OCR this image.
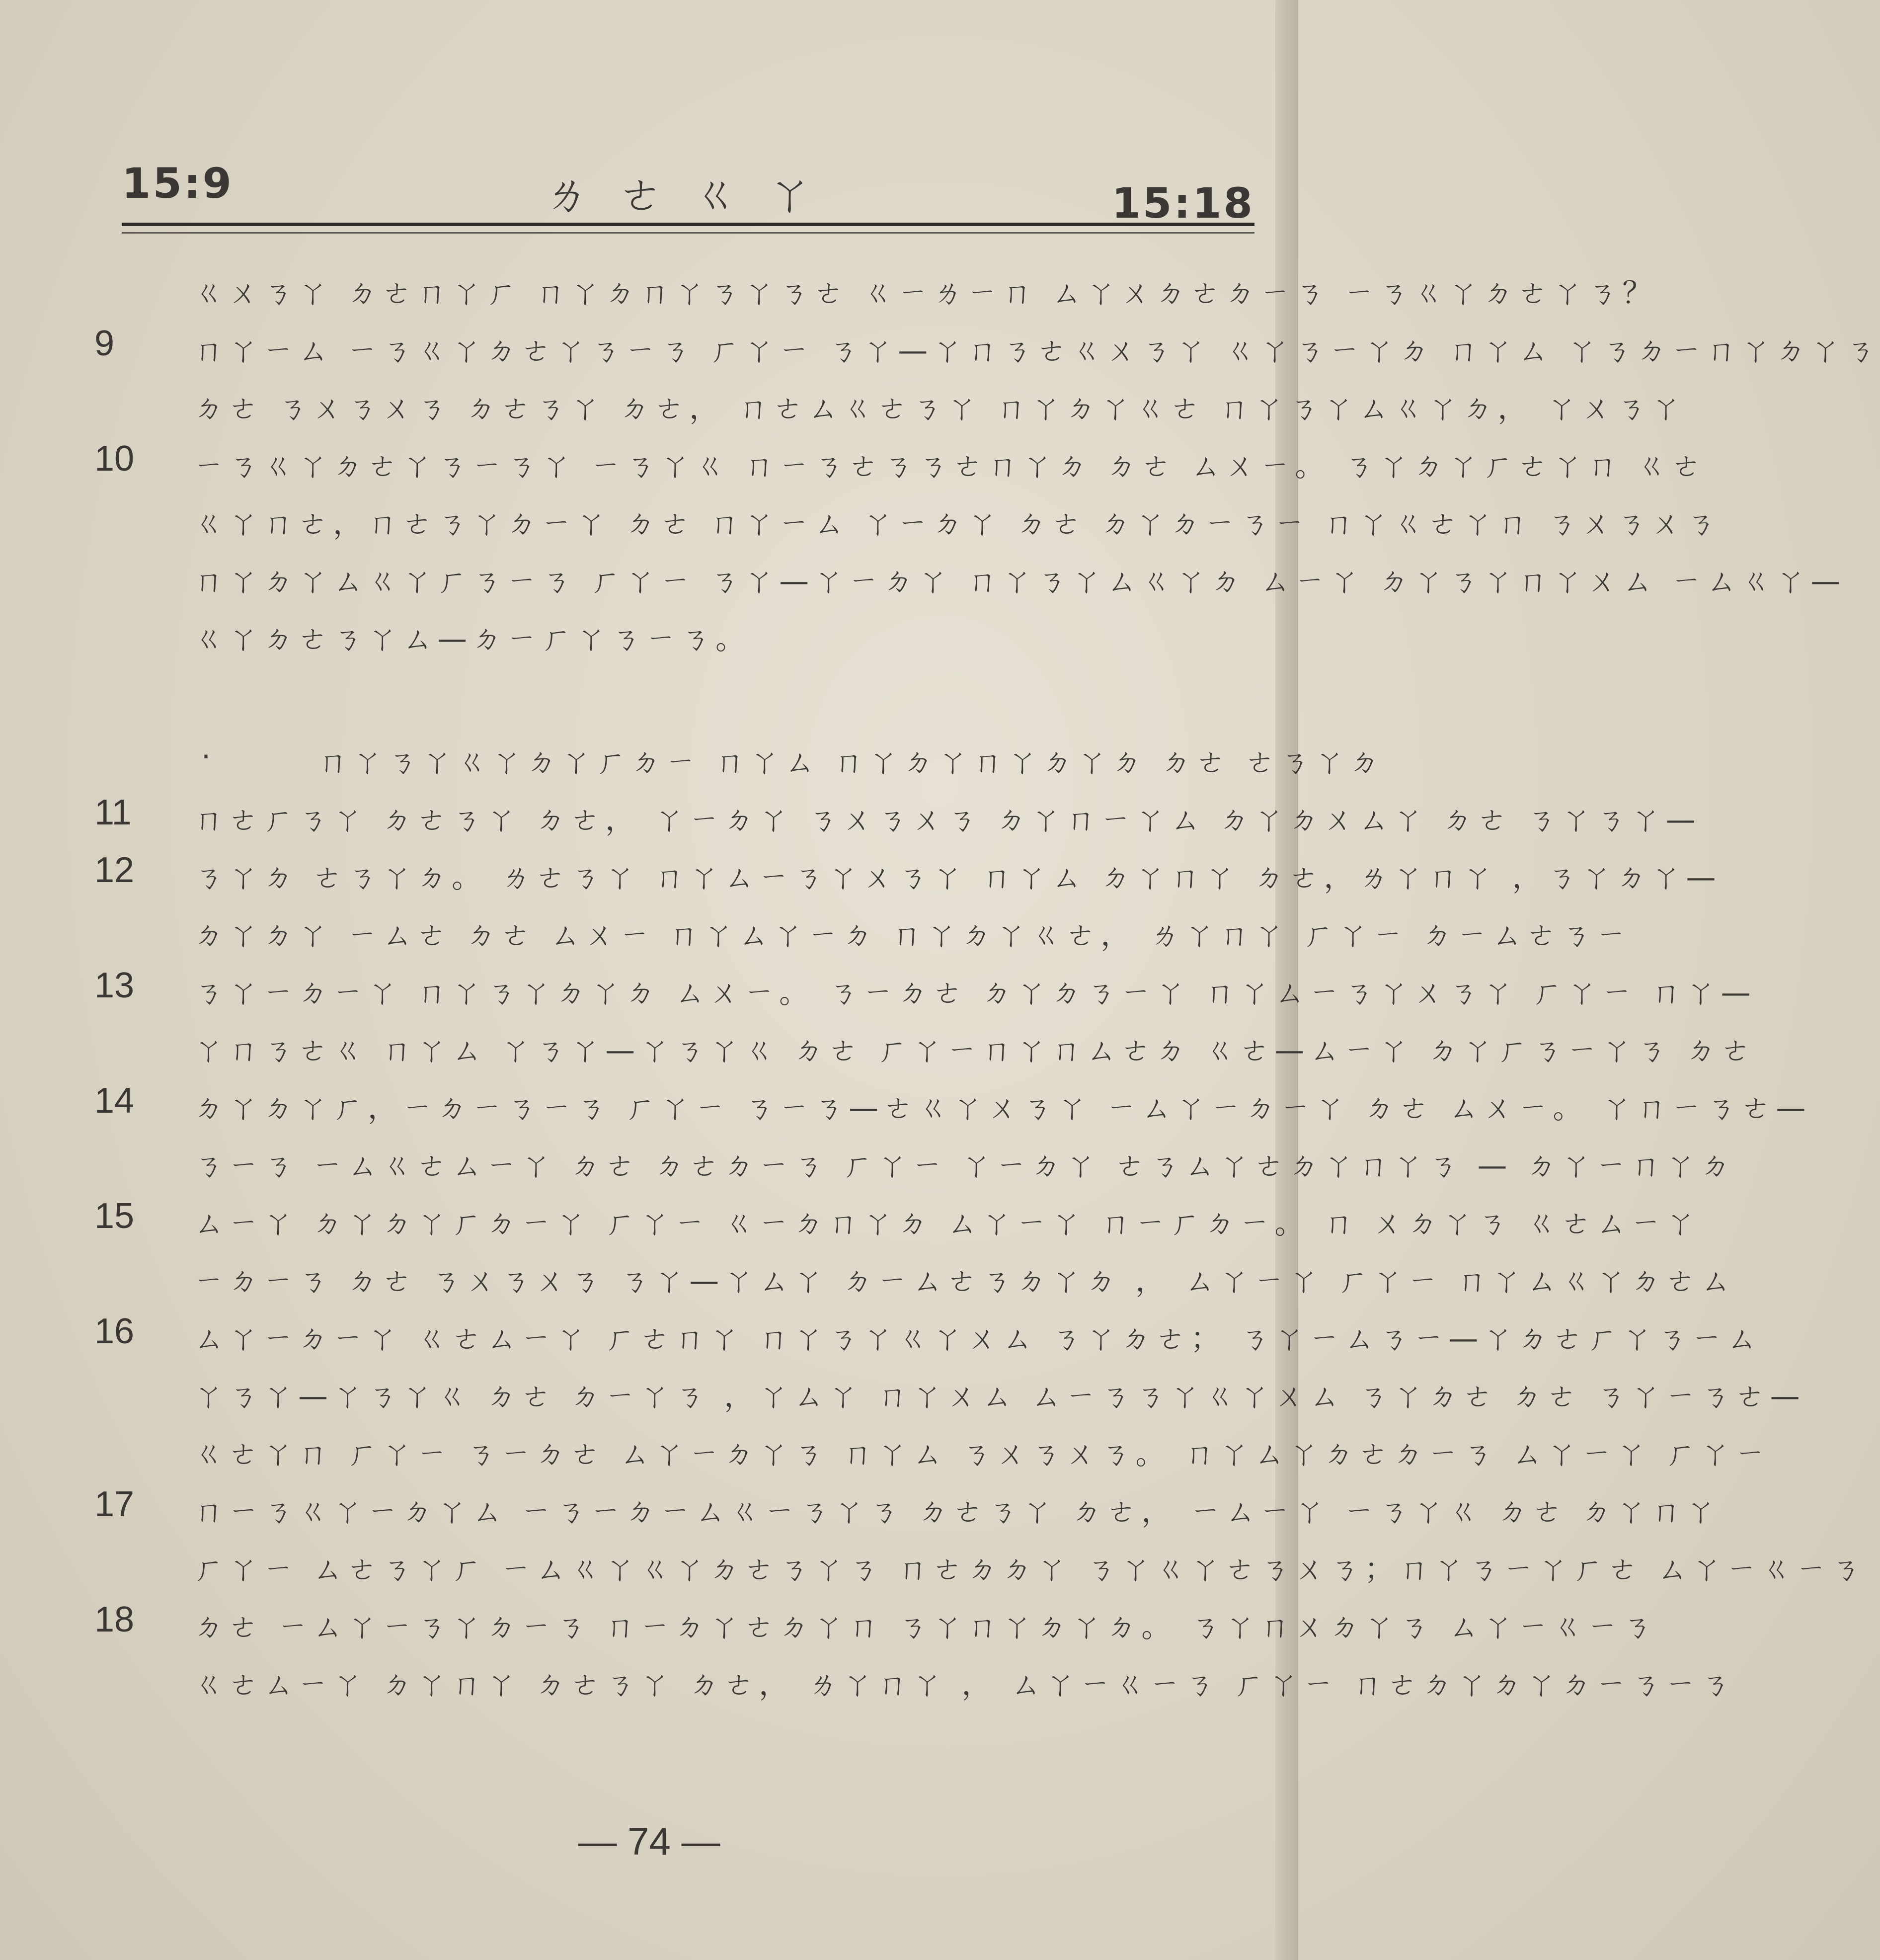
15:9	ㄌㄜㄍㄚ	15:18
ㄍㄨㄋㄚ ㄉㄜㄇㄚㄏ ㄇㄚㄉㄇㄚㄋㄚㄋㄜ ㄍㄧㄌㄧㄇ ㄙㄚㄨㄉㄜㄉㄧㄋ ㄧㄋㄍㄚㄉㄜㄚㄋ？
9	ㄇㄚㄧㄙ ㄧㄋㄍㄚㄉㄜㄚㄋㄧㄋ ㄏㄚㄧ ㄋㄚ—ㄚㄇㄋㄜㄍㄨㄋㄚ ㄍㄚㄋㄧㄚㄉ ㄇㄚㄙ ㄚㄋㄉㄧㄇㄚㄉㄚㄋ
ㄉㄜ ㄋㄨㄋㄨㄋ ㄉㄜㄋㄚ ㄉㄜ， ㄇㄜㄙㄍㄜㄋㄚ ㄇㄚㄉㄚㄍㄜ ㄇㄚㄋㄚㄙㄍㄚㄉ， ㄚㄨㄋㄚ
10	ㄧㄋㄍㄚㄉㄜㄚㄋㄧㄋㄚ ㄧㄋㄚㄍ ㄇㄧㄋㄜㄋㄋㄜㄇㄚㄉ ㄉㄜ ㄙㄨㄧ。 ㄋㄚㄉㄚㄏㄜㄚㄇ ㄍㄜ
ㄍㄚㄇㄜ，ㄇㄜㄋㄚㄉㄧㄚ ㄉㄜ ㄇㄚㄧㄙ ㄚㄧㄉㄚ ㄉㄜ ㄉㄚㄉㄧㄋㄧ ㄇㄚㄍㄜㄚㄇ ㄋㄨㄋㄨㄋ
ㄇㄚㄉㄚㄙㄍㄚㄏㄋㄧㄋ ㄏㄚㄧ ㄋㄚ—ㄚㄧㄉㄚ ㄇㄚㄋㄚㄙㄍㄚㄉ ㄙㄧㄚ ㄉㄚㄋㄚㄇㄚㄨㄙ ㄧㄙㄍㄚ—
ㄍㄚㄉㄜㄋㄚㄙ—ㄉㄧㄏㄚㄋㄧㄋ。
·	ㄇㄚㄋㄚㄍㄚㄉㄚㄏㄉㄧ ㄇㄚㄙ ㄇㄚㄉㄚㄇㄚㄉㄚㄉ ㄉㄜ ㄜㄋㄚㄉ
11	ㄇㄜㄏㄋㄚ ㄉㄜㄋㄚ ㄉㄜ， ㄚㄧㄉㄚ ㄋㄨㄋㄨㄋ ㄉㄚㄇㄧㄚㄙ ㄉㄚㄉㄨㄙㄚ ㄉㄜ ㄋㄚㄋㄚ—
12	ㄋㄚㄉ ㄜㄋㄚㄉ。 ㄌㄜㄋㄚ ㄇㄚㄙㄧㄋㄚㄨㄋㄚ ㄇㄚㄙ ㄉㄚㄇㄚ ㄉㄜ，ㄌㄚㄇㄚ ，ㄋㄚㄉㄚ—
ㄉㄚㄉㄚ ㄧㄙㄜ ㄉㄜ ㄙㄨㄧ ㄇㄚㄙㄚㄧㄉ ㄇㄚㄉㄚㄍㄜ， ㄌㄚㄇㄚ ㄏㄚㄧ ㄉㄧㄙㄜㄋㄧ
13	ㄋㄚㄧㄉㄧㄚ ㄇㄚㄋㄚㄉㄚㄉ ㄙㄨㄧ。 ㄋㄧㄉㄜ ㄉㄚㄉㄋㄧㄚ ㄇㄚㄙㄧㄋㄚㄨㄋㄚ ㄏㄚㄧ ㄇㄚ—
ㄚㄇㄋㄜㄍ ㄇㄚㄙ ㄚㄋㄚ—ㄚㄋㄚㄍ ㄉㄜ ㄏㄚㄧㄇㄚㄇㄙㄜㄉ ㄍㄜ—ㄙㄧㄚ ㄉㄚㄏㄋㄧㄚㄋ ㄉㄜ
14	ㄉㄚㄉㄚㄏ，ㄧㄉㄧㄋㄧㄋ ㄏㄚㄧ ㄋㄧㄋ—ㄜㄍㄚㄨㄋㄚ ㄧㄙㄚㄧㄉㄧㄚ ㄉㄜ ㄙㄨㄧ。 ㄚㄇㄧㄋㄜ—
ㄋㄧㄋ ㄧㄙㄍㄜㄙㄧㄚ ㄉㄜ ㄉㄜㄉㄧㄋ ㄏㄚㄧ ㄚㄧㄉㄚ ㄜㄋㄙㄚㄜㄉㄚㄇㄚㄋ — ㄉㄚㄧㄇㄚㄉ
15	ㄙㄧㄚ ㄉㄚㄉㄚㄏㄉㄧㄚ ㄏㄚㄧ ㄍㄧㄉㄇㄚㄉ ㄙㄚㄧㄚ ㄇㄧㄏㄉㄧ。 ㄇ ㄨㄉㄚㄋ ㄍㄜㄙㄧㄚ
ㄧㄉㄧㄋ ㄉㄜ ㄋㄨㄋㄨㄋ ㄋㄚ—ㄚㄙㄚ ㄉㄧㄙㄜㄋㄉㄚㄉ ， ㄙㄚㄧㄚ ㄏㄚㄧ ㄇㄚㄙㄍㄚㄉㄜㄙ
16	ㄙㄚㄧㄉㄧㄚ ㄍㄜㄙㄧㄚ ㄏㄜㄇㄚ ㄇㄚㄋㄚㄍㄚㄨㄙ ㄋㄚㄉㄜ； ㄋㄚㄧㄙㄋㄧ—ㄚㄉㄜㄏㄚㄋㄧㄙ
ㄚㄋㄚ—ㄚㄋㄚㄍ ㄉㄜ ㄉㄧㄚㄋ ，ㄚㄙㄚ ㄇㄚㄨㄙ ㄙㄧㄋㄋㄚㄍㄚㄨㄙ ㄋㄚㄉㄜ ㄉㄜ ㄋㄚㄧㄋㄜ—
ㄍㄜㄚㄇ ㄏㄚㄧ ㄋㄧㄉㄜ ㄙㄚㄧㄉㄚㄋ ㄇㄚㄙ ㄋㄨㄋㄨㄋ。 ㄇㄚㄙㄚㄉㄜㄉㄧㄋ ㄙㄚㄧㄚ ㄏㄚㄧ
17	ㄇㄧㄋㄍㄚㄧㄉㄚㄙ ㄧㄋㄧㄉㄧㄙㄍㄧㄋㄚㄋ ㄉㄜㄋㄚ ㄉㄜ， ㄧㄙㄧㄚ ㄧㄋㄚㄍ ㄉㄜ ㄉㄚㄇㄚ
ㄏㄚㄧ ㄙㄜㄋㄚㄏ ㄧㄙㄍㄚㄍㄚㄉㄜㄋㄚㄋ ㄇㄜㄉㄉㄚ ㄋㄚㄍㄚㄜㄋㄨㄋ；ㄇㄚㄋㄧㄚㄏㄜ ㄙㄚㄧㄍㄧㄋ
18	ㄉㄜ ㄧㄙㄚㄧㄋㄚㄉㄧㄋ ㄇㄧㄉㄚㄜㄉㄚㄇ ㄋㄚㄇㄚㄉㄚㄉ。 ㄋㄚㄇㄨㄉㄚㄋ ㄙㄚㄧㄍㄧㄋ
ㄍㄜㄙㄧㄚ ㄉㄚㄇㄚ ㄉㄜㄋㄚ ㄉㄜ， ㄌㄚㄇㄚ ， ㄙㄚㄧㄍㄧㄋ ㄏㄚㄧ ㄇㄜㄉㄚㄉㄚㄉㄧㄋㄧㄋ
— 74 —
